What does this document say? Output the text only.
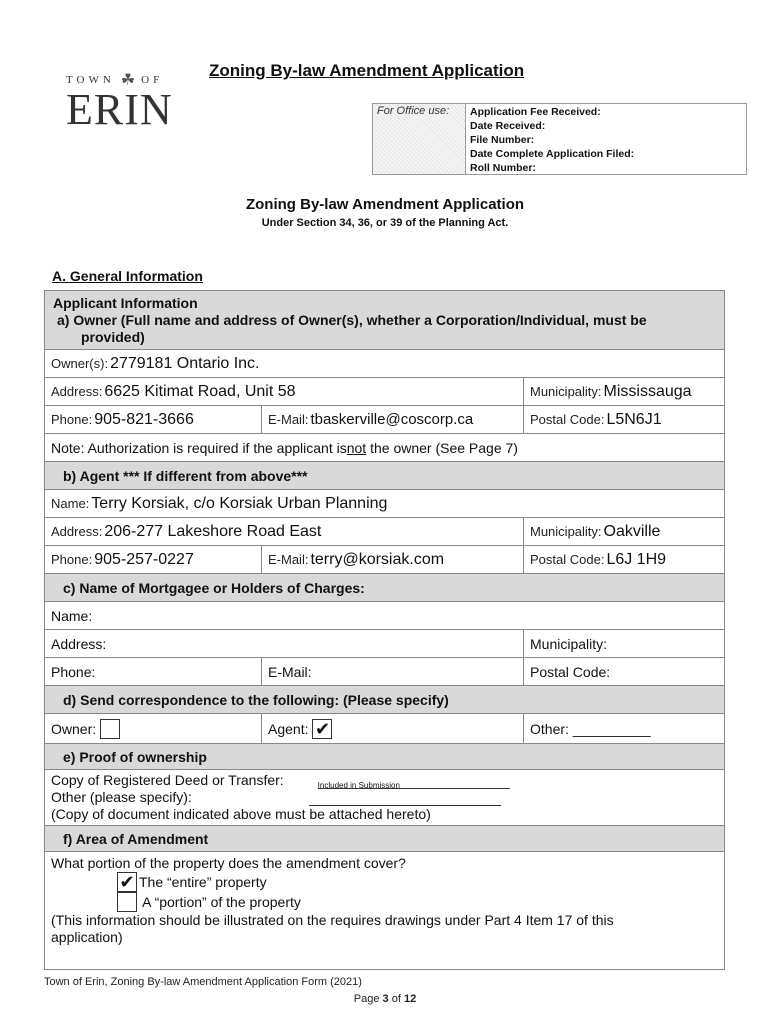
TOWN ☘ OF
ERIN
Zoning By-law Amendment Application
For Office use:	Application Fee Received:
Date Received:
File Number:
Date Complete Application Filed:
Roll Number:
Zoning By-law Amendment Application
Under Section 34, 36, or 39 of the Planning Act.
A. General Information
Applicant Information
a) Owner (Full name and address of Owner(s), whether a Corporation/Individual, must be
provided)
Owner(s): 2779181 Ontario Inc.
Address: 6625 Kitimat Road, Unit 58	Municipality: Mississauga
Phone: 905-821-3666	E-Mail: tbaskerville@coscorp.ca	Postal Code: L5N6J1
Note: Authorization is required if the applicant is not the owner (See Page 7)
b) Agent *** If different from above***
Name: Terry Korsiak, c/o Korsiak Urban Planning
Address: 206-277 Lakeshore Road East	Municipality: Oakville
Phone: 905-257-0227	E-Mail: terry@korsiak.com	Postal Code: L6J 1H9
c) Name of Mortgagee or Holders of Charges:
Name:
Address:	Municipality:
Phone:	E-Mail:	Postal Code:
d) Send correspondence to the following: (Please specify)
Owner:	Agent: ✔	Other: __________
e) Proof of ownership
Copy of Registered Deed or Transfer:	Included in Submission
Other (please specify):
(Copy of document indicated above must be attached hereto)
f) Area of Amendment
What portion of the property does the amendment cover?
✔ The “entire” property
A “portion” of the property
(This information should be illustrated on the requires drawings under Part 4 Item 17 of this
application)
Town of Erin, Zoning By-law Amendment Application Form (2021)
Page 3 of 12
